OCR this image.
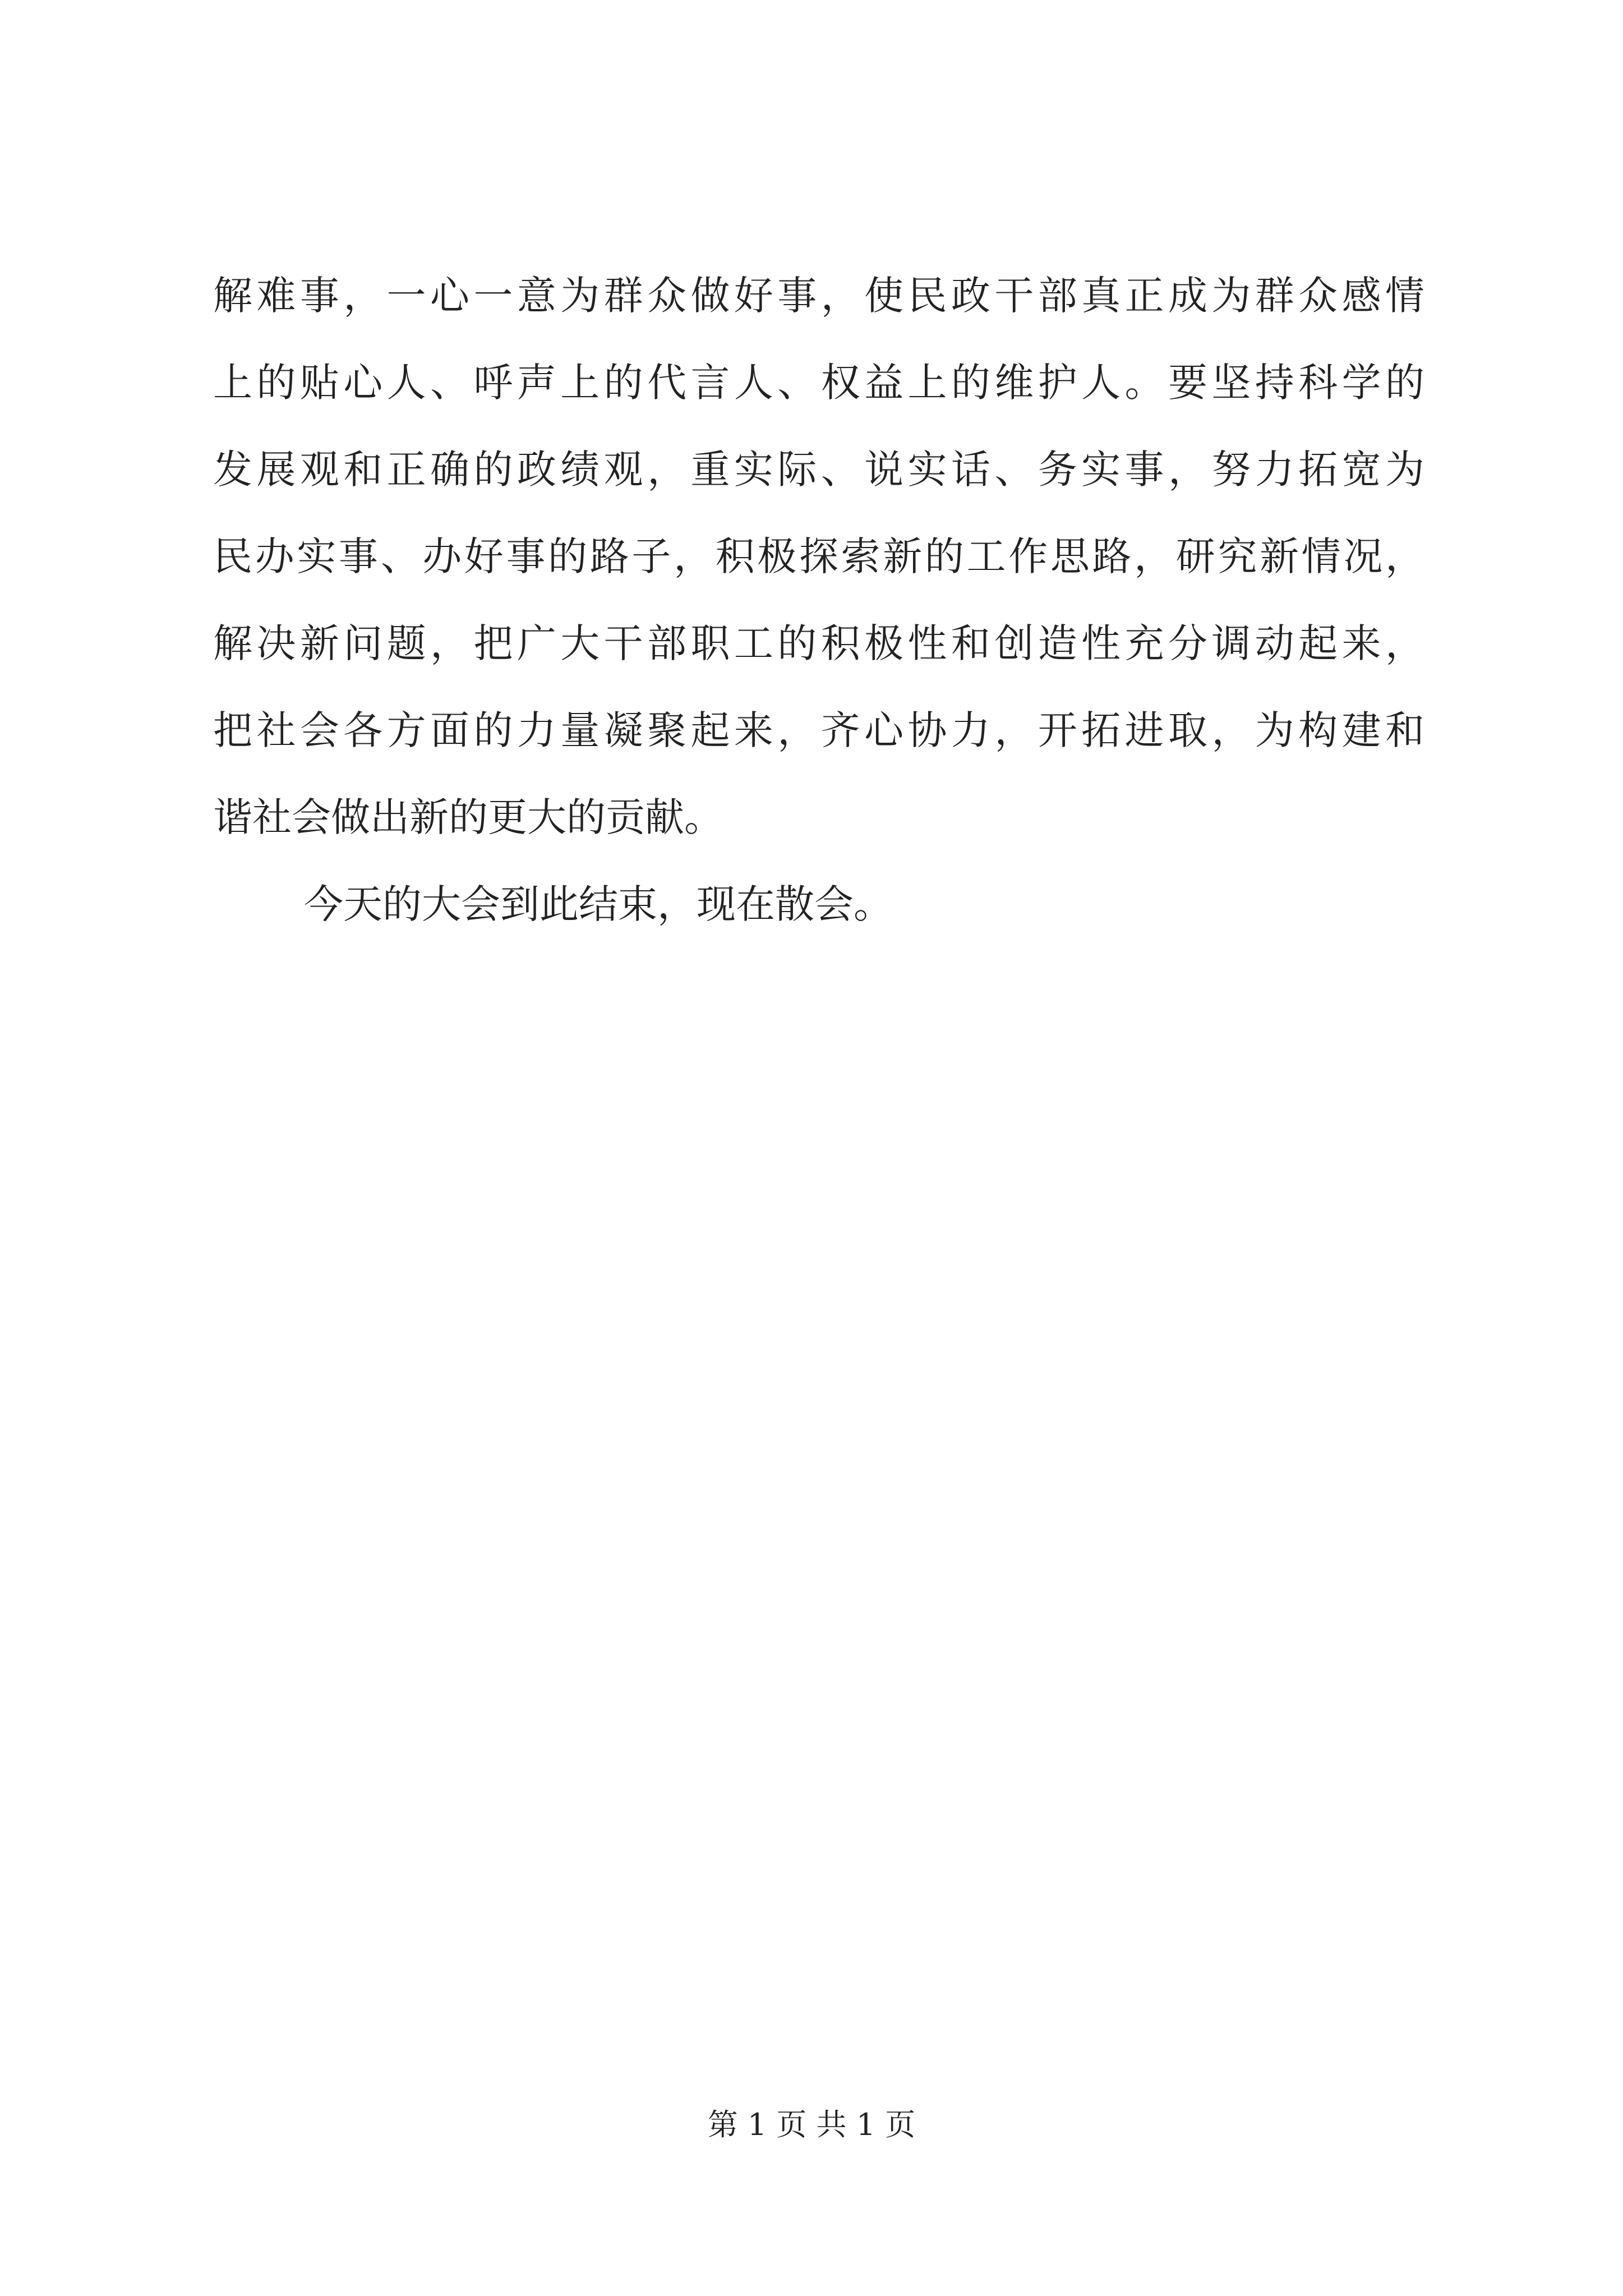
解难事，一心一意为群众做好事，使民政干部真正成为群众感情

上的贴心人、呼声上的代言人、权益上的维护人。要坚持科学的

发展观和正确的政绩观，重实际、说实话、务实事，努力拓宽为

民办实事、办好事的路子，积极探索新的工作思路，研究新情况，

解决新问题，把广大干部职工的积极性和创造性充分调动起来，

把社会各方面的力量凝聚起来，齐心协力，开拓进取，为构建和

谐社会做出新的更大的贡献。

今天的大会到此结束，现在散会。

第 1 页 共 1 页
